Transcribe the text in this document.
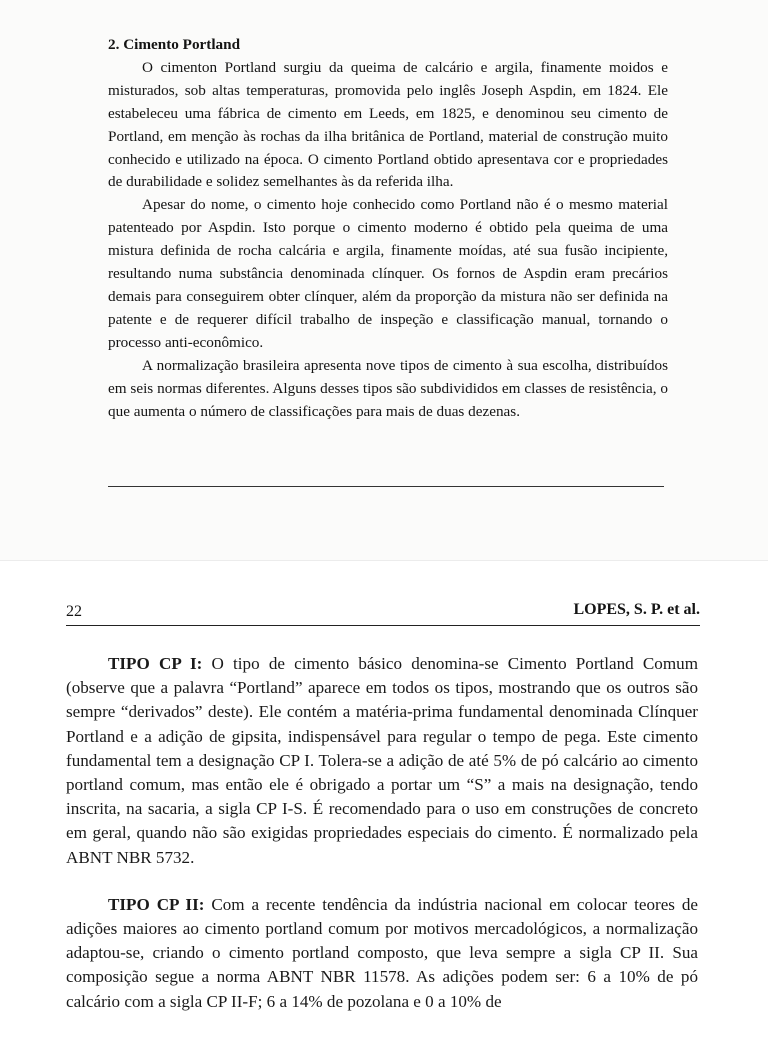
2. Cimento Portland

O cimenton Portland surgiu da queima de calcário e argila, finamente moidos e misturados, sob altas temperaturas, promovida pelo inglês Joseph Aspdin, em 1824. Ele estabeleceu uma fábrica de cimento em Leeds, em 1825, e denominou seu cimento de Portland, em menção às rochas da ilha britânica de Portland, material de construção muito conhecido e utilizado na época. O cimento Portland obtido apresentava cor e propriedades de durabilidade e solidez semelhantes às da referida ilha.

Apesar do nome, o cimento hoje conhecido como Portland não é o mesmo material patenteado por Aspdin. Isto porque o cimento moderno é obtido pela queima de uma mistura definida de rocha calcária e argila, finamente moídas, até sua fusão incipiente, resultando numa substância denominada clínquer. Os fornos de Aspdin eram precários demais para conseguirem obter clínquer, além da proporção da mistura não ser definida na patente e de requerer difícil trabalho de inspeção e classificação manual, tornando o processo anti-econômico.

A normalização brasileira apresenta nove tipos de cimento à sua escolha, distribuídos em seis normas diferentes. Alguns desses tipos são subdivididos em classes de resistência, o que aumenta o número de classificações para mais de duas dezenas.

22	LOPES, S. P. et al.

TIPO CP I: O tipo de cimento básico denomina-se Cimento Portland Comum (observe que a palavra “Portland” aparece em todos os tipos, mostrando que os outros são sempre “derivados” deste). Ele contém a matéria-prima fundamental denominada Clínquer Portland e a adição de gipsita, indispensável para regular o tempo de pega. Este cimento fundamental tem a designação CP I. Tolera-se a adição de até 5% de pó calcário ao cimento portland comum, mas então ele é obrigado a portar um “S” a mais na designação, tendo inscrita, na sacaria, a sigla CP I-S. É recomendado para o uso em construções de concreto em geral, quando não são exigidas propriedades especiais do cimento. É normalizado pela ABNT NBR 5732.

TIPO CP II: Com a recente tendência da indústria nacional em colocar teores de adições maiores ao cimento portland comum por motivos mercadológicos, a normalização adaptou-se, criando o cimento portland composto, que leva sempre a sigla CP II. Sua composição segue a norma ABNT NBR 11578. As adições podem ser: 6 a 10% de pó calcário com a sigla CP II-F; 6 a 14% de pozolana e 0 a 10% de
